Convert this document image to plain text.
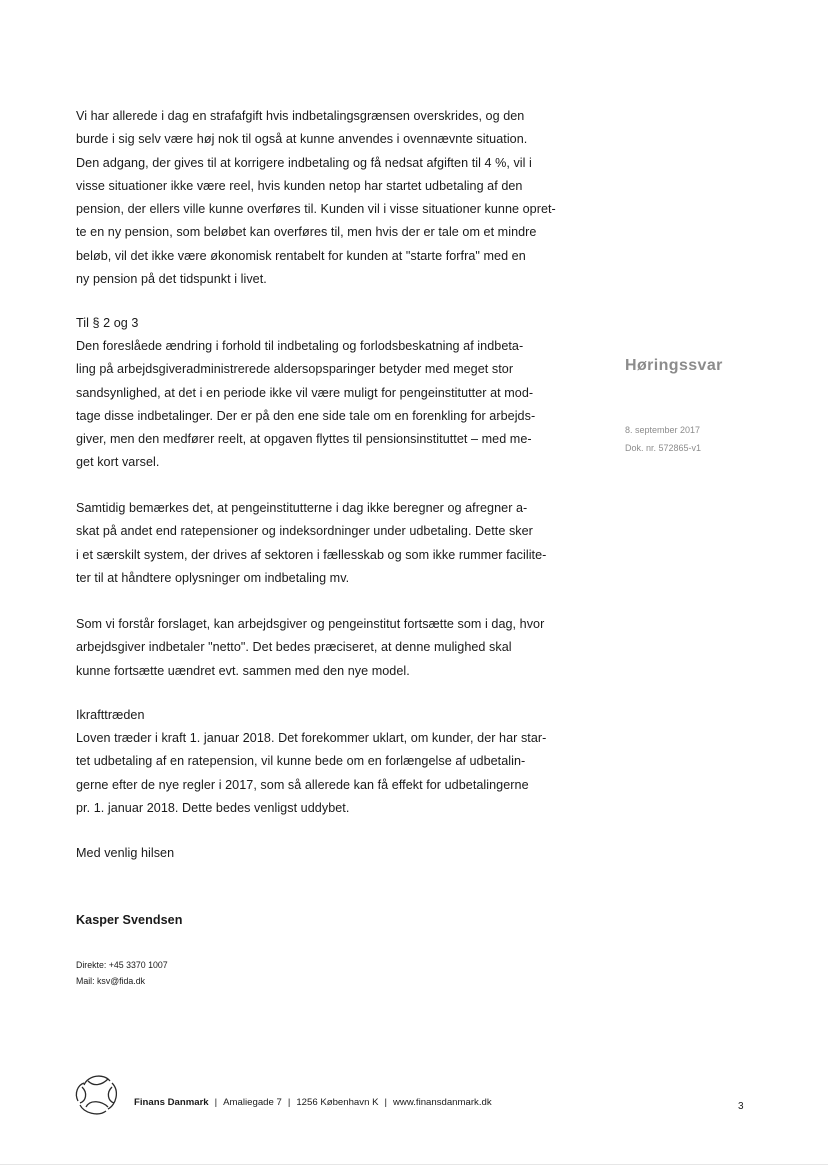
Vi har allerede i dag en strafafgift hvis indbetalingsgrænsen overskrides, og den
burde i sig selv være høj nok til også at kunne anvendes i ovennævnte situation.
Den adgang, der gives til at korrigere indbetaling og få nedsat afgiften til 4 %, vil i
visse situationer ikke være reel, hvis kunden netop har startet udbetaling af den
pension, der ellers ville kunne overføres til. Kunden vil i visse situationer kunne opret-
te en ny pension, som beløbet kan overføres til, men hvis der er tale om et mindre
beløb, vil det ikke være økonomisk rentabelt for kunden at "starte forfra" med en
ny pension på det tidspunkt i livet.
Til § 2 og 3
Den foreslåede ændring i forhold til indbetaling og forlodsbeskatning af indbeta-
ling på arbejdsgiveradministrerede aldersopsparinger betyder med meget stor
sandsynlighed, at det i en periode ikke vil være muligt for pengeinstitutter at mod-
tage disse indbetalinger. Der er på den ene side tale om en forenkling for arbejds-
giver, men den medfører reelt, at opgaven flyttes til pensionsinstituttet – med me-
get kort varsel.
Samtidig bemærkes det, at pengeinstitutterne i dag ikke beregner og afregner a-
skat på andet end ratepensioner og indeksordninger under udbetaling. Dette sker
i et særskilt system, der drives af sektoren i fællesskab og som ikke rummer facilite-
ter til at håndtere oplysninger om indbetaling mv.
Som vi forstår forslaget, kan arbejdsgiver og pengeinstitut fortsætte som i dag, hvor
arbejdsgiver indbetaler "netto". Det bedes præciseret, at denne mulighed skal
kunne fortsætte uændret evt. sammen med den nye model.
Ikrafttræden
Loven træder i kraft 1. januar 2018. Det forekommer uklart, om kunder, der har star-
tet udbetaling af en ratepension, vil kunne bede om en forlængelse af udbetalin-
gerne efter de nye regler i 2017, som så allerede kan få effekt for udbetalingerne
pr. 1. januar 2018. Dette bedes venligst uddybet.
Med venlig hilsen
Kasper Svendsen
Direkte: +45 3370 1007
Mail: ksv@fida.dk
Høringssvar
8. september 2017
Dok. nr. 572865-v1
Finans Danmark | Amaliegade 7 | 1256 København K | www.finansdanmark.dk	3
